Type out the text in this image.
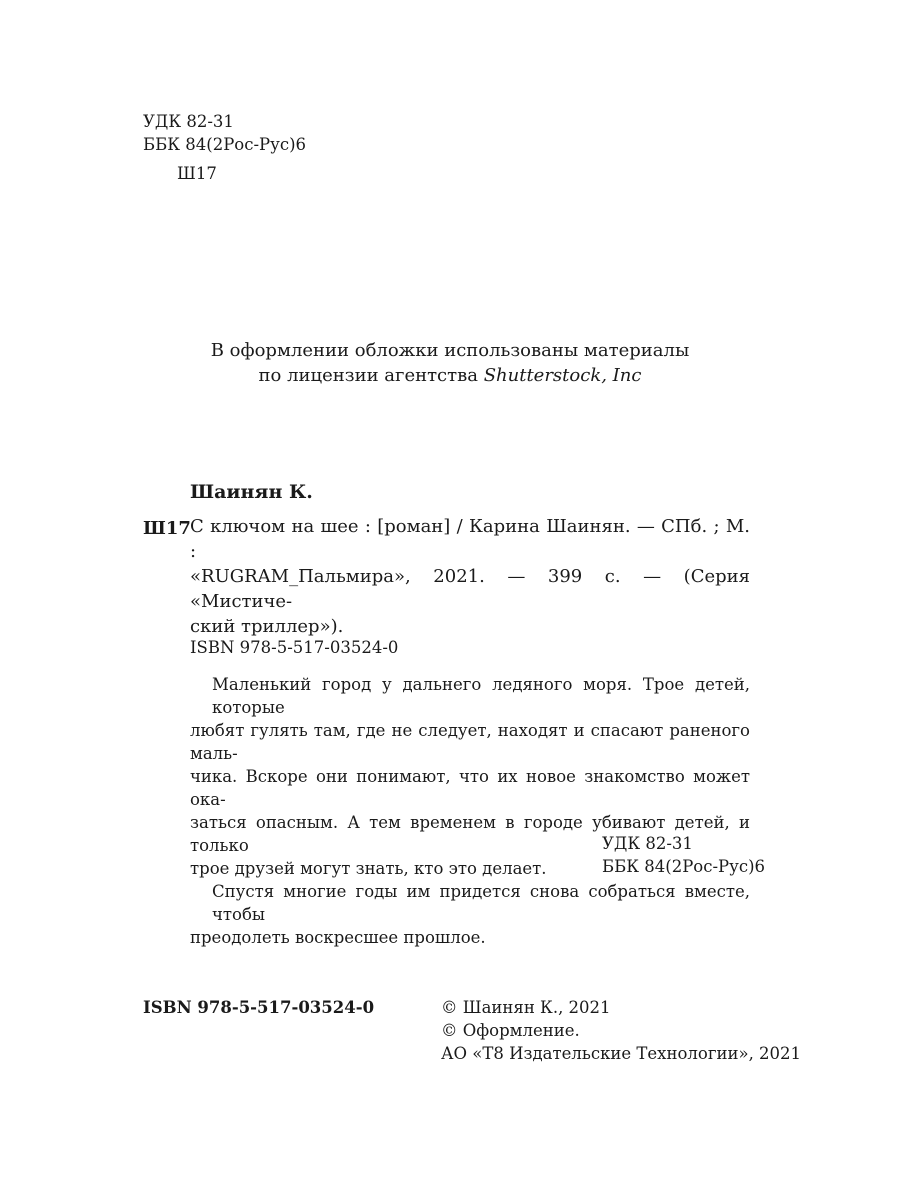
УДК 82-31
ББК 84(2Рос-Рус)6
Ш17
В оформлении обложки использованы материалы
по лицензии агентства Shutterstock, Inc
Шаинян К.
Ш17 С ключом на шее : [роман] / Карина Шаинян. — СПб. ; М. :
«RUGRAM_Пальмира», 2021. — 399 с. — (Серия «Мистиче-
ский триллер»).
ISBN 978-5-517-03524-0
Маленький город у дальнего ледяного моря. Трое детей, которые
любят гулять там, где не следует, находят и спасают раненого маль-
чика. Вскоре они понимают, что их новое знакомство может ока-
заться опасным. А тем временем в городе убивают детей, и только
трое друзей могут знать, кто это делает.
Спустя многие годы им придется снова собраться вместе, чтобы
преодолеть воскресшее прошлое.
УДК 82-31
ББК 84(2Рос-Рус)6
ISBN 978-5-517-03524-0	© Шаинян К., 2021
© Оформление.
АО «Т8 Издательские Технологии», 2021
